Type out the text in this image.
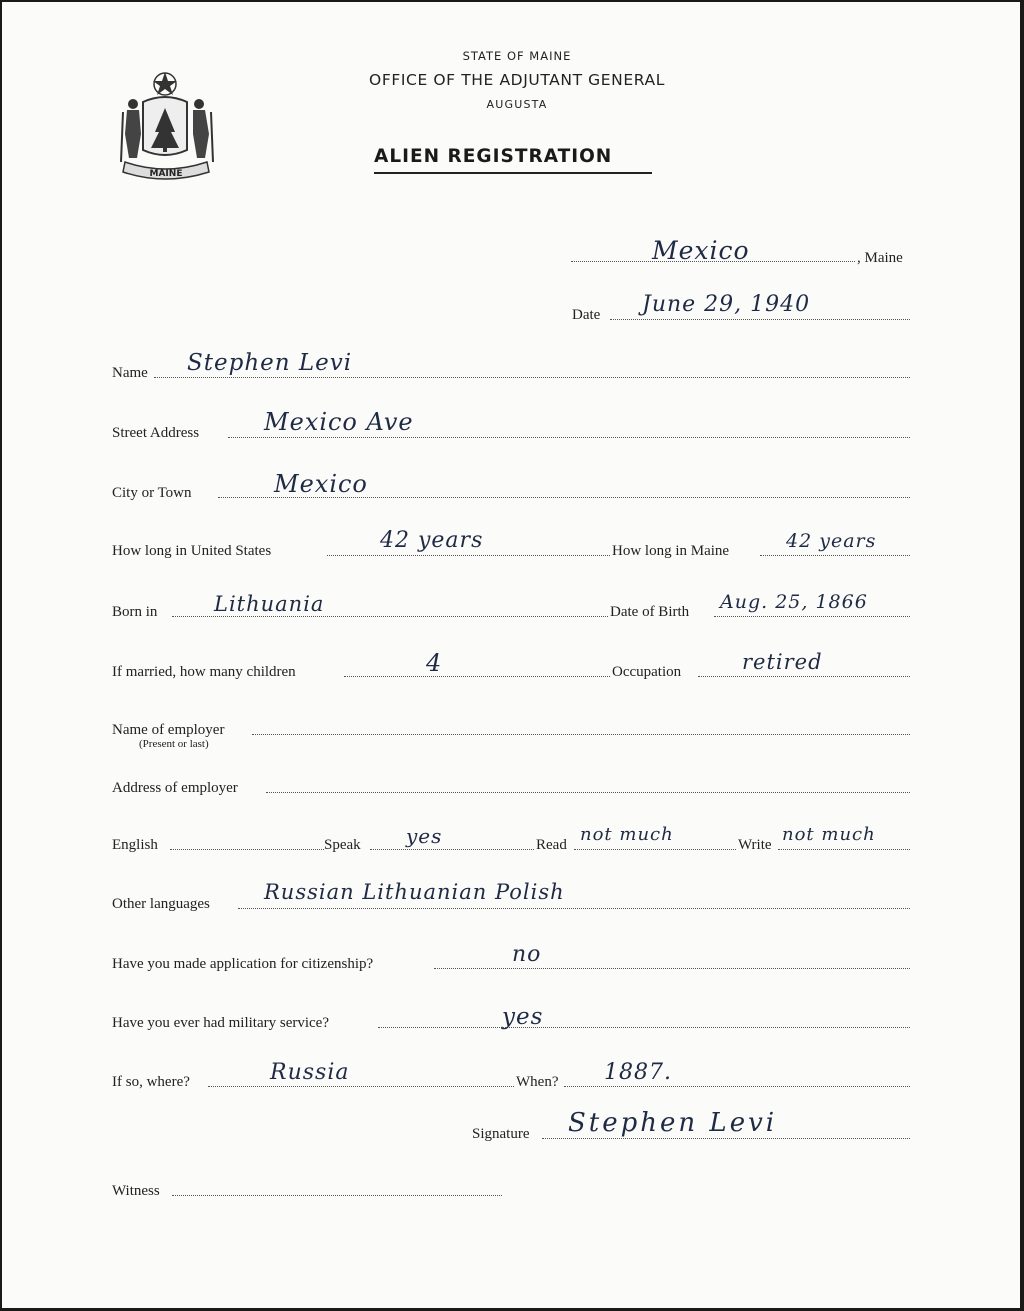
MAINE
STATE OF MAINE
OFFICE OF THE ADJUTANT GENERAL
AUGUSTA
ALIEN REGISTRATION
Mexico	, Maine
Date June 29, 1940
Name Stephen Levi
Street Address	Mexico Ave
City or Town	Mexico
How long in United States	42 years	How long in Maine	42 years
Born in	Lithuania	Date of Birth Aug. 25, 1866
If married, how many children	4	Occupation	retired
Name of employer
(Present or last)
Address of employer
English	Speak yes	Read not much	Write not much
Other languages	Russian Lithuanian Polish
Have you made application for citizenship?	no
Have you ever had military service?	yes
If so, where?	Russia	When? 1887.
Signature Stephen Levi
Witness
